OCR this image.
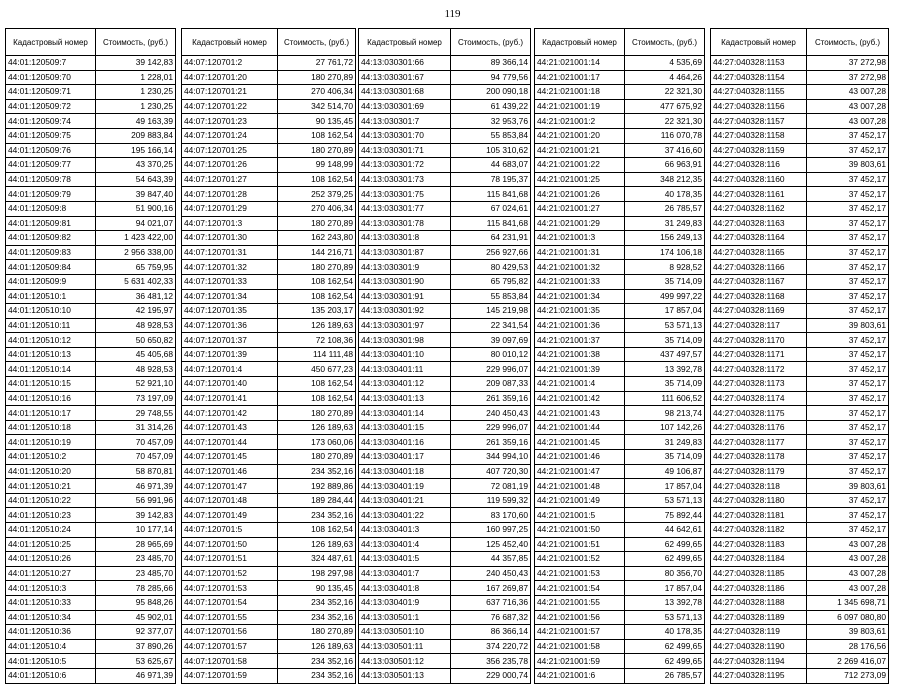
119
Кадастровый номер	Стоимость, (руб.)
44:01:120509:7	39 142,83
44:01:120509:70	1 228,01
44:01:120509:71	1 230,25
44:01:120509:72	1 230,25
44:01:120509:74	49 163,39
44:01:120509:75	209 883,84
44:01:120509:76	195 166,14
44:01:120509:77	43 370,25
44:01:120509:78	54 643,39
44:01:120509:79	39 847,40
44:01:120509:8	51 900,16
44:01:120509:81	94 021,07
44:01:120509:82	1 423 422,00
44:01:120509:83	2 956 338,00
44:01:120509:84	65 759,95
44:01:120509:9	5 631 402,33
44:01:120510:1	36 481,12
44:01:120510:10	42 195,97
44:01:120510:11	48 928,53
44:01:120510:12	50 650,82
44:01:120510:13	45 405,68
44:01:120510:14	48 928,53
44:01:120510:15	52 921,10
44:01:120510:16	73 197,09
44:01:120510:17	29 748,55
44:01:120510:18	31 314,26
44:01:120510:19	70 457,09
44:01:120510:2	70 457,09
44:01:120510:20	58 870,81
44:01:120510:21	46 971,39
44:01:120510:22	56 991,96
44:01:120510:23	39 142,83
44:01:120510:24	10 177,14
44:01:120510:25	28 965,69
44:01:120510:26	23 485,70
44:01:120510:27	23 485,70
44:01:120510:3	78 285,66
44:01:120510:33	95 848,26
44:01:120510:34	45 902,01
44:01:120510:36	92 377,07
44:01:120510:4	37 890,26
44:01:120510:5	53 625,67
44:01:120510:6	46 971,39
Кадастровый номер	Стоимость, (руб.)
44:07:120701:2	27 761,72
44:07:120701:20	180 270,89
44:07:120701:21	270 406,34
44:07:120701:22	342 514,70
44:07:120701:23	90 135,45
44:07:120701:24	108 162,54
44:07:120701:25	180 270,89
44:07:120701:26	99 148,99
44:07:120701:27	108 162,54
44:07:120701:28	252 379,25
44:07:120701:29	270 406,34
44:07:120701:3	180 270,89
44:07:120701:30	162 243,80
44:07:120701:31	144 216,71
44:07:120701:32	180 270,89
44:07:120701:33	108 162,54
44:07:120701:34	108 162,54
44:07:120701:35	135 203,17
44:07:120701:36	126 189,63
44:07:120701:37	72 108,36
44:07:120701:39	114 111,48
44:07:120701:4	450 677,23
44:07:120701:40	108 162,54
44:07:120701:41	108 162,54
44:07:120701:42	180 270,89
44:07:120701:43	126 189,63
44:07:120701:44	173 060,06
44:07:120701:45	180 270,89
44:07:120701:46	234 352,16
44:07:120701:47	192 889,86
44:07:120701:48	189 284,44
44:07:120701:49	234 352,16
44:07:120701:5	108 162,54
44:07:120701:50	126 189,63
44:07:120701:51	324 487,61
44:07:120701:52	198 297,98
44:07:120701:53	90 135,45
44:07:120701:54	234 352,16
44:07:120701:55	234 352,16
44:07:120701:56	180 270,89
44:07:120701:57	126 189,63
44:07:120701:58	234 352,16
44:07:120701:59	234 352,16
Кадастровый номер	Стоимость, (руб.)
44:13:030301:66	89 366,14
44:13:030301:67	94 779,56
44:13:030301:68	200 090,18
44:13:030301:69	61 439,22
44:13:030301:7	32 953,76
44:13:030301:70	55 853,84
44:13:030301:71	105 310,62
44:13:030301:72	44 683,07
44:13:030301:73	78 195,37
44:13:030301:75	115 841,68
44:13:030301:77	67 024,61
44:13:030301:78	115 841,68
44:13:030301:8	64 231,91
44:13:030301:87	256 927,66
44:13:030301:9	80 429,53
44:13:030301:90	65 795,82
44:13:030301:91	55 853,84
44:13:030301:92	145 219,98
44:13:030301:97	22 341,54
44:13:030301:98	39 097,69
44:13:030401:10	80 010,12
44:13:030401:11	229 996,07
44:13:030401:12	209 087,33
44:13:030401:13	261 359,16
44:13:030401:14	240 450,43
44:13:030401:15	229 996,07
44:13:030401:16	261 359,16
44:13:030401:17	344 994,10
44:13:030401:18	407 720,30
44:13:030401:19	72 081,19
44:13:030401:21	119 599,32
44:13:030401:22	83 170,60
44:13:030401:3	160 997,25
44:13:030401:4	125 452,40
44:13:030401:5	44 357,85
44:13:030401:7	240 450,43
44:13:030401:8	167 269,87
44:13:030401:9	637 716,36
44:13:030501:1	76 687,32
44:13:030501:10	86 366,14
44:13:030501:11	374 220,72
44:13:030501:12	356 235,78
44:13:030501:13	229 000,74
Кадастровый номер	Стоимость, (руб.)
44:21:021001:14	4 535,69
44:21:021001:17	4 464,26
44:21:021001:18	22 321,30
44:21:021001:19	477 675,92
44:21:021001:2	22 321,30
44:21:021001:20	116 070,78
44:21:021001:21	37 416,60
44:21:021001:22	66 963,91
44:21:021001:25	348 212,35
44:21:021001:26	40 178,35
44:21:021001:27	26 785,57
44:21:021001:29	31 249,83
44:21:021001:3	156 249,13
44:21:021001:31	174 106,18
44:21:021001:32	8 928,52
44:21:021001:33	35 714,09
44:21:021001:34	499 997,22
44:21:021001:35	17 857,04
44:21:021001:36	53 571,13
44:21:021001:37	35 714,09
44:21:021001:38	437 497,57
44:21:021001:39	13 392,78
44:21:021001:4	35 714,09
44:21:021001:42	111 606,52
44:21:021001:43	98 213,74
44:21:021001:44	107 142,26
44:21:021001:45	31 249,83
44:21:021001:46	35 714,09
44:21:021001:47	49 106,87
44:21:021001:48	17 857,04
44:21:021001:49	53 571,13
44:21:021001:5	75 892,44
44:21:021001:50	44 642,61
44:21:021001:51	62 499,65
44:21:021001:52	62 499,65
44:21:021001:53	80 356,70
44:21:021001:54	17 857,04
44:21:021001:55	13 392,78
44:21:021001:56	53 571,13
44:21:021001:57	40 178,35
44:21:021001:58	62 499,65
44:21:021001:59	62 499,65
44:21:021001:6	26 785,57
Кадастровый номер	Стоимость, (руб.)
44:27:040328:1153	37 272,98
44:27:040328:1154	37 272,98
44:27:040328:1155	43 007,28
44:27:040328:1156	43 007,28
44:27:040328:1157	43 007,28
44:27:040328:1158	37 452,17
44:27:040328:1159	37 452,17
44:27:040328:116	39 803,61
44:27:040328:1160	37 452,17
44:27:040328:1161	37 452,17
44:27:040328:1162	37 452,17
44:27:040328:1163	37 452,17
44:27:040328:1164	37 452,17
44:27:040328:1165	37 452,17
44:27:040328:1166	37 452,17
44:27:040328:1167	37 452,17
44:27:040328:1168	37 452,17
44:27:040328:1169	37 452,17
44:27:040328:117	39 803,61
44:27:040328:1170	37 452,17
44:27:040328:1171	37 452,17
44:27:040328:1172	37 452,17
44:27:040328:1173	37 452,17
44:27:040328:1174	37 452,17
44:27:040328:1175	37 452,17
44:27:040328:1176	37 452,17
44:27:040328:1177	37 452,17
44:27:040328:1178	37 452,17
44:27:040328:1179	37 452,17
44:27:040328:118	39 803,61
44:27:040328:1180	37 452,17
44:27:040328:1181	37 452,17
44:27:040328:1182	37 452,17
44:27:040328:1183	43 007,28
44:27:040328:1184	43 007,28
44:27:040328:1185	43 007,28
44:27:040328:1186	43 007,28
44:27:040328:1188	1 345 698,71
44:27:040328:1189	6 097 080,80
44:27:040328:119	39 803,61
44:27:040328:1190	28 176,56
44:27:040328:1194	2 269 416,07
44:27:040328:1195	712 273,09
